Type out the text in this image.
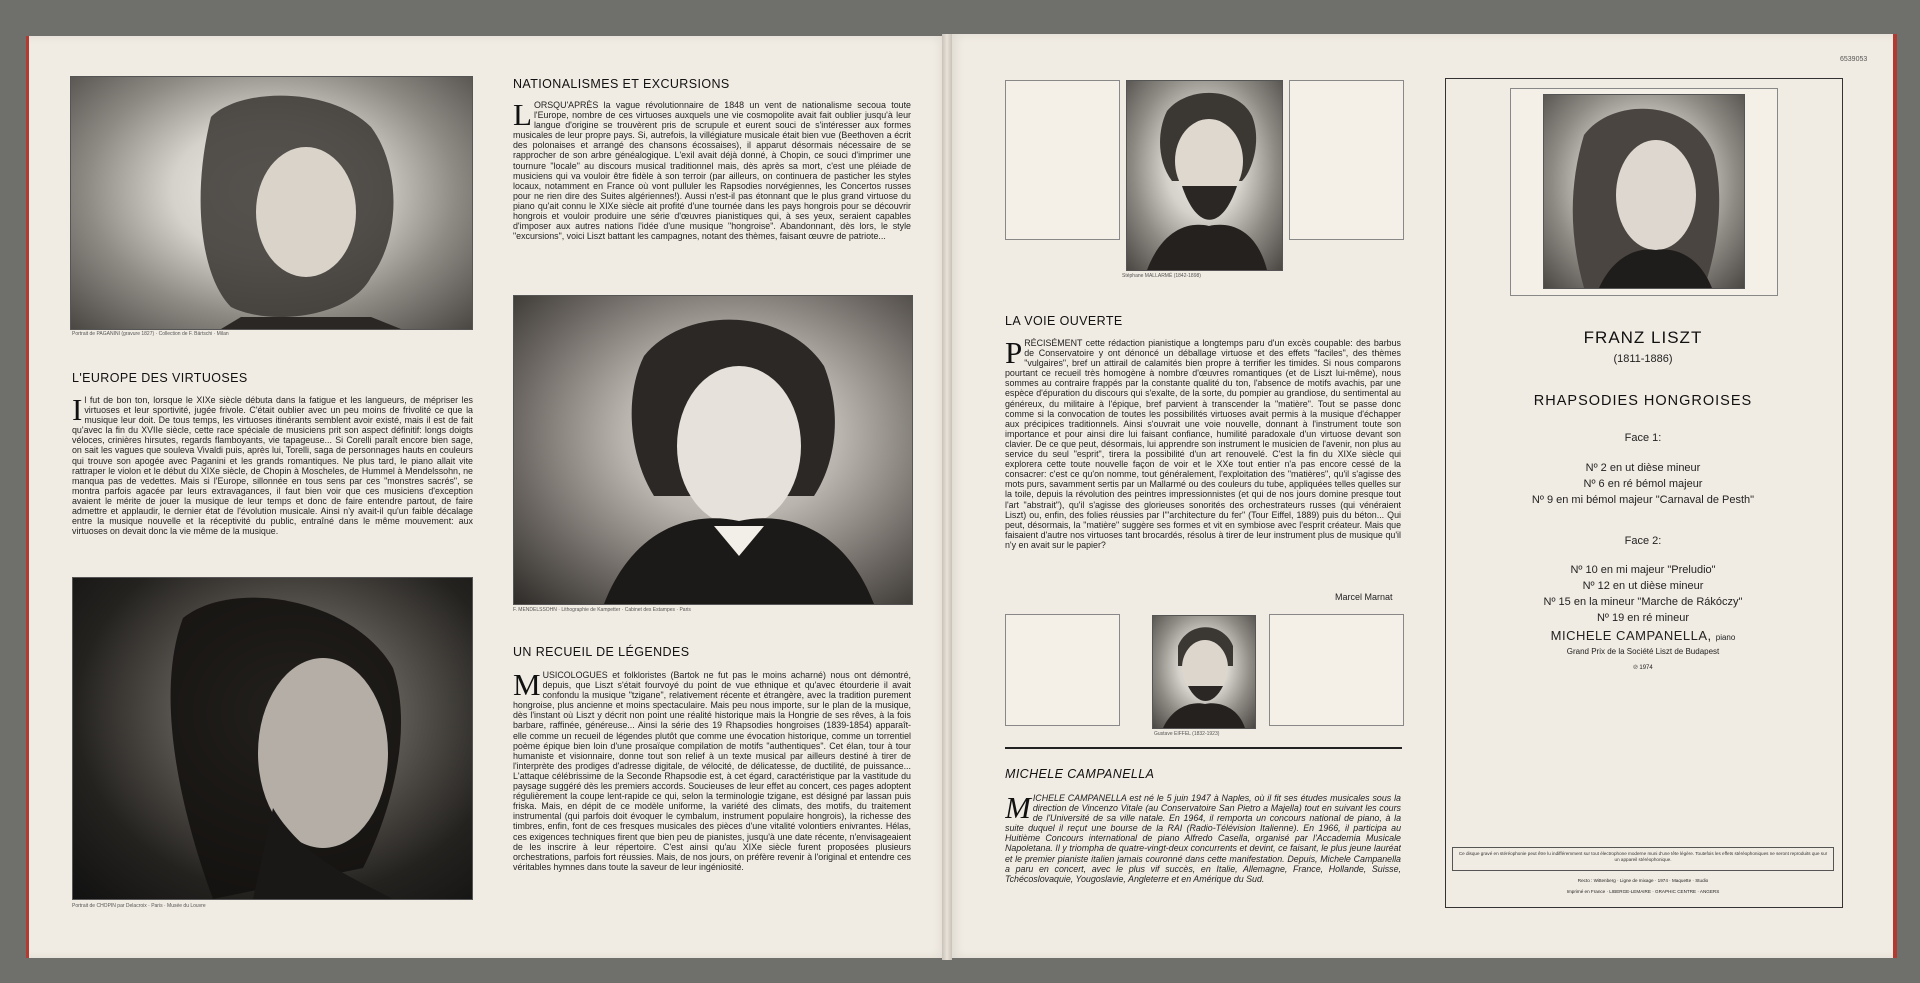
Portrait de PAGANINI (gravure 1827) · Collection de F. Bärtschi · Milan
L'EUROPE DES VIRTUOSES
Il fut de bon ton, lorsque le XIXe siècle débuta dans la fatigue et les langueurs, de mépriser les virtuoses et leur sportivité, jugée frivole. C'était oublier avec un peu moins de frivolité ce que la musique leur doit. De tous temps, les virtuoses itinérants semblent avoir existé, mais il est de fait qu'avec la fin du XVIIe siècle, cette race spéciale de musiciens prit son aspect définitif: longs doigts véloces, crinières hirsutes, regards flamboyants, vie tapageuse... Si Corelli paraît encore bien sage, on sait les vagues que souleva Vivaldi puis, après lui, Torelli, saga de personnages hauts en couleurs qui trouve son apogée avec Paganini et les grands romantiques. Ne plus tard, le piano allait vite rattraper le violon et le début du XIXe siècle, de Chopin à Moscheles, de Hummel à Mendelssohn, ne manqua pas de vedettes. Mais si l'Europe, sillonnée en tous sens par ces "monstres sacrés", se montra parfois agacée par leurs extravagances, il faut bien voir que ces musiciens d'exception avaient le mérite de jouer la musique de leur temps et donc de faire entendre partout, de faire admettre et applaudir, le dernier état de l'évolution musicale. Ainsi n'y avait-il qu'un faible décalage entre la musique nouvelle et la réceptivité du public, entraîné dans le même mouvement: aux virtuoses on devait donc la vie même de la musique.
Portrait de CHOPIN par Delacroix · Paris · Musée du Louvre
NATIONALISMES ET EXCURSIONS
LORSQU'APRÈS la vague révolutionnaire de 1848 un vent de nationalisme secoua toute l'Europe, nombre de ces virtuoses auxquels une vie cosmopolite avait fait oublier jusqu'à leur langue d'origine se trouvèrent pris de scrupule et eurent souci de s'intéresser aux formes musicales de leur propre pays. Si, autrefois, la villégiature musicale était bien vue (Beethoven a écrit des polonaises et arrangé des chansons écossaises), il apparut désormais nécessaire de se rapprocher de son arbre généalogique. L'exil avait déjà donné, à Chopin, ce souci d'imprimer une tournure "locale" au discours musical traditionnel mais, dès après sa mort, c'est une pléiade de musiciens qui va vouloir être fidèle à son terroir (par ailleurs, on continuera de pasticher les styles locaux, notamment en France où vont pulluler les Rapsodies norvégiennes, les Concertos russes pour ne rien dire des Suites algériennes!). Aussi n'est-il pas étonnant que le plus grand virtuose du piano qu'ait connu le XIXe siècle ait profité d'une tournée dans les pays hongrois pour se découvrir hongrois et vouloir produire une série d'œuvres pianistiques qui, à ses yeux, seraient capables d'imposer aux autres nations l'idée d'une musique "hongroise". Abandonnant, dès lors, le style "excursions", voici Liszt battant les campagnes, notant des thèmes, faisant œuvre de patriote...
F. MENDELSSOHN · Lithographie de Kampetter · Cabinet des Estampes · Paris
UN RECUEIL DE LÉGENDES
MUSICOLOGUES et folkloristes (Bartok ne fut pas le moins acharné) nous ont démontré, depuis, que Liszt s'était fourvoyé du point de vue ethnique et qu'avec étourderie il avait confondu la musique "tzigane", relativement récente et étrangère, avec la tradition purement hongroise, plus ancienne et moins spectaculaire. Mais peu nous importe, sur le plan de la musique, dès l'instant où Liszt y décrit non point une réalité historique mais la Hongrie de ses rêves, à la fois barbare, raffinée, généreuse... Ainsi la série des 19 Rhapsodies hongroises (1839-1854) apparaît-elle comme un recueil de légendes plutôt que comme une évocation historique, comme un torrentiel poème épique bien loin d'une prosaïque compilation de motifs "authentiques". Cet élan, tour à tour humaniste et visionnaire, donne tout son relief à un texte musical par ailleurs destiné à tirer de l'interprète des prodiges d'adresse digitale, de vélocité, de délicatesse, de ductilité, de puissance... L'attaque célébrissime de la Seconde Rhapsodie est, à cet égard, caractéristique par la vastitude du paysage suggéré dès les premiers accords. Soucieuses de leur effet au concert, ces pages adoptent régulièrement la coupe lent-rapide ce qui, selon la terminologie tzigane, est désigné par lassan puis friska. Mais, en dépit de ce modèle uniforme, la variété des climats, des motifs, du traitement instrumental (qui parfois doit évoquer le cymbalum, instrument populaire hongrois), la richesse des timbres, enfin, font de ces fresques musicales des pièces d'une vitalité volontiers enivrantes. Hélas, ces exigences techniques firent que bien peu de pianistes, jusqu'à une date récente, n'envisageaient de les inscrire à leur répertoire. C'est ainsi qu'au XIXe siècle furent proposées plusieurs orchestrations, parfois fort réussies. Mais, de nos jours, on préfère revenir à l'original et entendre ces véritables hymnes dans toute la saveur de leur ingéniosité.
Stéphane MALLARMÉ (1842-1898)
LA VOIE OUVERTE
PRÉCISÉMENT cette rédaction pianistique a longtemps paru d'un excès coupable: des barbus de Conservatoire y ont dénoncé un déballage virtuose et des effets "faciles", des thèmes "vulgaires", bref un attirail de calamités bien propre à terrifier les timides. Si nous comparons pourtant ce recueil très homogène à nombre d'œuvres romantiques (et de Liszt lui-même), nous sommes au contraire frappés par la constante qualité du ton, l'absence de motifs avachis, par une espèce d'épuration du discours qui s'exalte, de la sorte, du pompier au grandiose, du sentimental au généreux, du militaire à l'épique, bref parvient à transcender la "matière". Tout se passe donc comme si la convocation de toutes les possibilités virtuoses avait permis à la musique d'échapper aux précipices traditionnels. Ainsi s'ouvrait une voie nouvelle, donnant à l'instrument toute son importance et pour ainsi dire lui faisant confiance, humilité paradoxale d'un virtuose devant son clavier. De ce que peut, désormais, lui apprendre son instrument le musicien de l'avenir, non plus au service du seul "esprit", tirera la possibilité d'un art renouvelé. C'est la fin du XIXe siècle qui explorera cette toute nouvelle façon de voir et le XXe tout entier n'a pas encore cessé de la consacrer: c'est ce qu'on nomme, tout généralement, l'exploitation des "matières", qu'il s'agisse des mots purs, savamment sertis par un Mallarmé ou des couleurs du tube, appliquées telles quelles sur la toile, depuis la révolution des peintres impressionnistes (et qui de nos jours domine presque tout l'art "abstrait"), qu'il s'agisse des glorieuses sonorités des orchestrateurs russes (qui vénéraient Liszt) ou, enfin, des folies réussies par l'"architecture du fer" (Tour Eiffel, 1889) puis du béton... Qui peut, désormais, la "matière" suggère ses formes et vit en symbiose avec l'esprit créateur. Mais que faisaient d'autre nos virtuoses tant brocardés, résolus à tirer de leur instrument plus de musique qu'il n'y en avait sur le papier?
Marcel Marnat
Gustave EIFFEL (1832-1923)
MICHELE CAMPANELLA
MICHELE CAMPANELLA est né le 5 juin 1947 à Naples, où il fit ses études musicales sous la direction de Vincenzo Vitale (au Conservatoire San Pietro a Majella) tout en suivant les cours de l'Université de sa ville natale. En 1964, il remporta un concours national de piano, à la suite duquel il reçut une bourse de la RAI (Radio-Télévision Italienne). En 1966, il participa au Huitième Concours international de piano Alfredo Casella, organisé par l'Accademia Musicale Napoletana. Il y triompha de quatre-vingt-deux concurrents et devint, ce faisant, le plus jeune lauréat et le premier pianiste italien jamais couronné dans cette manifestation. Depuis, Michele Campanella a paru en concert, avec le plus vif succès, en Italie, Allemagne, France, Hollande, Suisse, Tchécoslovaquie, Yougoslavie, Angleterre et en Amérique du Sud.
6539053
FRANZ LISZT
(1811-1886)
RHAPSODIES HONGROISES
Face 1:
Nº 2 en ut dièse mineur
Nº 6 en ré bémol majeur
Nº 9 en mi bémol majeur "Carnaval de Pesth"
Face 2:
Nº 10 en mi majeur "Preludio"
Nº 12 en ut dièse mineur
Nº 15 en la mineur "Marche de Rákóczy"
Nº 19 en ré mineur
MICHELE CAMPANELLA, piano
Grand Prix de la Société Liszt de Budapest
℗ 1974
Ce disque gravé en stéréophonie peut être lu indifféremment sur tout électrophone moderne muni d'une tête légère. Toutefois les effets stéréophoniques ne seront reproduits que sur un appareil stéréophonique.
Recto : Wittenberg · Ligne de mixage · 1974 · Maquette · Studio
Imprimé en France · LIBERGE-LEMAIRE · GRAPHIC CENTRE · ANGERS
